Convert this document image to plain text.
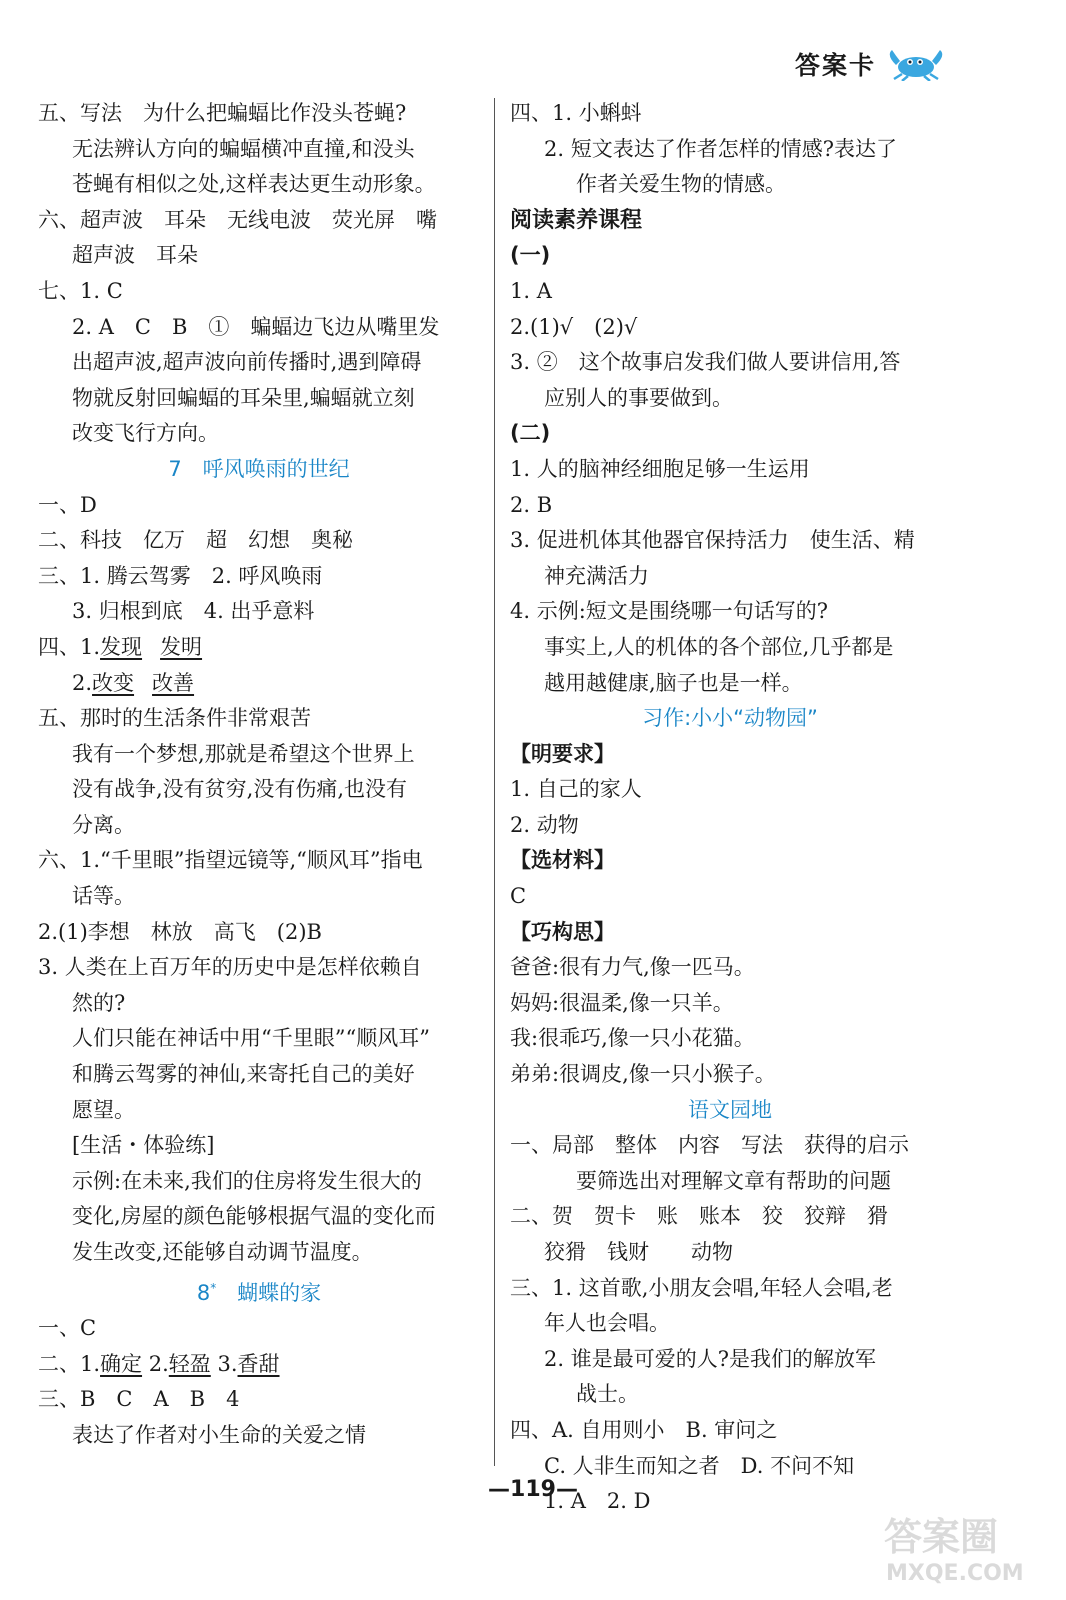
答案卡
五、写法　为什么把蝙蝠比作没头苍蝇?
无法辨认方向的蝙蝠横冲直撞,和没头
苍蝇有相似之处,这样表达更生动形象。
六、超声波　耳朵　无线电波　荧光屏　嘴
超声波　耳朵
七、1. C
2. A　C　B　①　蝙蝠边飞边从嘴里发
出超声波,超声波向前传播时,遇到障碍
物就反射回蝙蝠的耳朵里,蝙蝠就立刻
改变飞行方向。
7　呼风唤雨的世纪
一、D
二、科技　亿万　超　幻想　奥秘
三、1. 腾云驾雾　2. 呼风唤雨
3. 归根到底　4. 出乎意料
四、1.发现 发明
2.改变 改善
五、那时的生活条件非常艰苦
我有一个梦想,那就是希望这个世界上
没有战争,没有贫穷,没有伤痛,也没有
分离。
六、1.“千里眼”指望远镜等,“顺风耳”指电
话等。
2.(1)李想　林放　高飞　(2)B
3. 人类在上百万年的历史中是怎样依赖自
然的?
人们只能在神话中用“千里眼”“顺风耳”
和腾云驾雾的神仙,来寄托自己的美好
愿望。
[生活・体验练]
示例:在未来,我们的住房将发生很大的
变化,房屋的颜色能够根据气温的变化而
发生改变,还能够自动调节温度。
8*　 蝴蝶的家
一、C
二、1.确定 2.轻盈 3.香甜
三、B　C　A　B　4
表达了作者对小生命的关爱之情
四、1. 小蝌蚪
2. 短文表达了作者怎样的情感?表达了
作者关爱生物的情感。
阅读素养课程
(一)
1. A
2.(1)√　(2)√
3. ②　这个故事启发我们做人要讲信用,答
应别人的事要做到。
(二)
1. 人的脑神经细胞足够一生运用
2. B
3. 促进机体其他器官保持活力　使生活、精
神充满活力
4. 示例:短文是围绕哪一句话写的?
事实上,人的机体的各个部位,几乎都是
越用越健康,脑子也是一样。
习作:小小“动物园”
【明要求】
1. 自己的家人
2. 动物
【选材料】
C
【巧构思】
爸爸:很有力气,像一匹马。
妈妈:很温柔,像一只羊。
我:很乖巧,像一只小花猫。
弟弟:很调皮,像一只小猴子。
语文园地
一、局部　整体　内容　写法　获得的启示
要筛选出对理解文章有帮助的问题
二、贺　贺卡　账　账本　狡　狡辩　猾
狡猾　钱财　　动物
三、1. 这首歌,小朋友会唱,年轻人会唱,老
年人也会唱。
2. 谁是最可爱的人?是我们的解放军
战士。
四、A. 自用则小　B. 审问之
C. 人非生而知之者　D. 不问不知
1. A　2. D
—119—
答案圈
MXQE.COM
